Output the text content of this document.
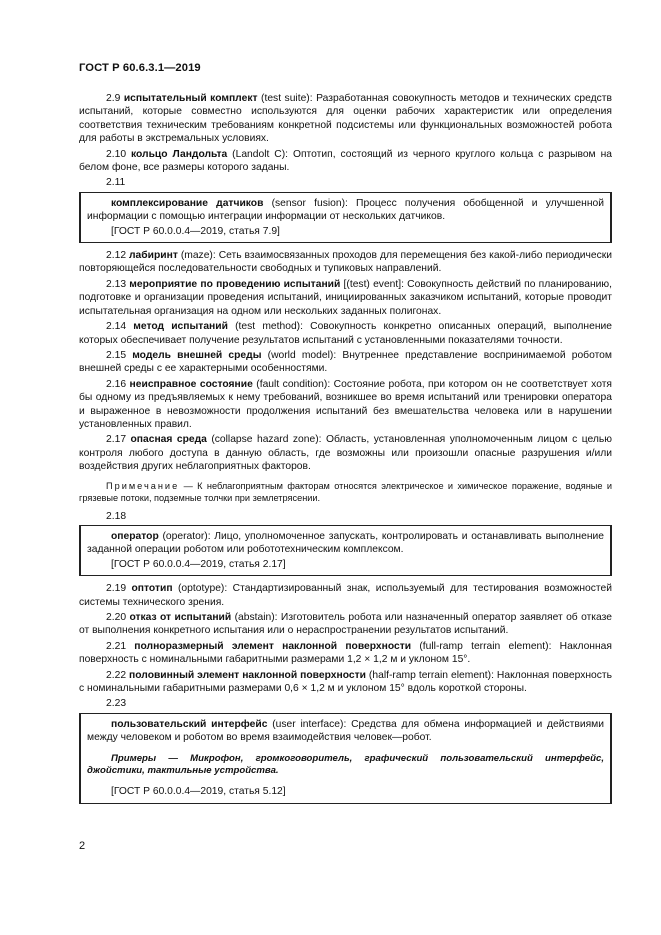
ГОСТ Р 60.6.3.1—2019

2.9 испытательный комплект (test suite): Разработанная совокупность методов и технических средств испытаний, которые совместно используются для оценки рабочих характеристик или определения соответствия техническим требованиям конкретной подсистемы или функциональных возможностей робота для работы в экстремальных условиях.

2.10 кольцо Ландольта (Landolt C): Оптотип, состоящий из черного круглого кольца с разрывом на белом фоне, все размеры которого заданы.

2.11

комплексирование датчиков (sensor fusion): Процесс получения обобщенной и улучшенной информации с помощью интеграции информации от нескольких датчиков.

[ГОСТ Р 60.0.0.4—2019, статья 7.9]

2.12 лабиринт (maze): Сеть взаимосвязанных проходов для перемещения без какой-либо периодически повторяющейся последовательности свободных и тупиковых направлений.

2.13 мероприятие по проведению испытаний [(test) event]: Совокупность действий по планированию, подготовке и организации проведения испытаний, инициированных заказчиком испытаний, которые проводит испытательная организация на одном или нескольких заданных полигонах.

2.14 метод испытаний (test method): Совокупность конкретно описанных операций, выполнение которых обеспечивает получение результатов испытаний с установленными показателями точности.

2.15 модель внешней среды (world model): Внутреннее представление воспринимаемой роботом внешней среды с ее характерными особенностями.

2.16 неисправное состояние (fault condition): Состояние робота, при котором он не соответствует хотя бы одному из предъявляемых к нему требований, возникшее во время испытаний или тренировки оператора и выраженное в невозможности продолжения испытаний без вмешательства человека или в нарушении установленных правил.

2.17 опасная среда (collapse hazard zone): Область, установленная уполномоченным лицом с целью контроля любого доступа в данную область, где возможны или произошли опасные разрушения и/или воздействия других неблагоприятных факторов.

Примечание — К неблагоприятным факторам относятся электрическое и химическое поражение, водяные и грязевые потоки, подземные толчки при землетрясении.
2.18

оператор (operator): Лицо, уполномоченное запускать, контролировать и останавливать выполнение заданной операции роботом или робототехническим комплексом.

[ГОСТ Р 60.0.0.4—2019, статья 2.17]

2.19 оптотип (optotype): Стандартизированный знак, используемый для тестирования возможностей системы технического зрения.

2.20 отказ от испытаний (abstain): Изготовитель робота или назначенный оператор заявляет об отказе от выполнения конкретного испытания или о нераспространении результатов испытаний.

2.21 полноразмерный элемент наклонной поверхности (full-ramp terrain element): Наклонная поверхность с номинальными габаритными размерами 1,2 × 1,2 м и уклоном 15°.

2.22 половинный элемент наклонной поверхности (half-ramp terrain element): Наклонная поверхность с номинальными габаритными размерами 0,6 × 1,2 м и уклоном 15° вдоль короткой стороны.

2.23

пользовательский интерфейс (user interface): Средства для обмена информацией и действиями между человеком и роботом во время взаимодействия человек—робот.

Примеры — Микрофон, громкоговоритель, графический пользовательский интерфейс, джойстики, тактильные устройства.

[ГОСТ Р 60.0.0.4—2019, статья 5.12]

2
